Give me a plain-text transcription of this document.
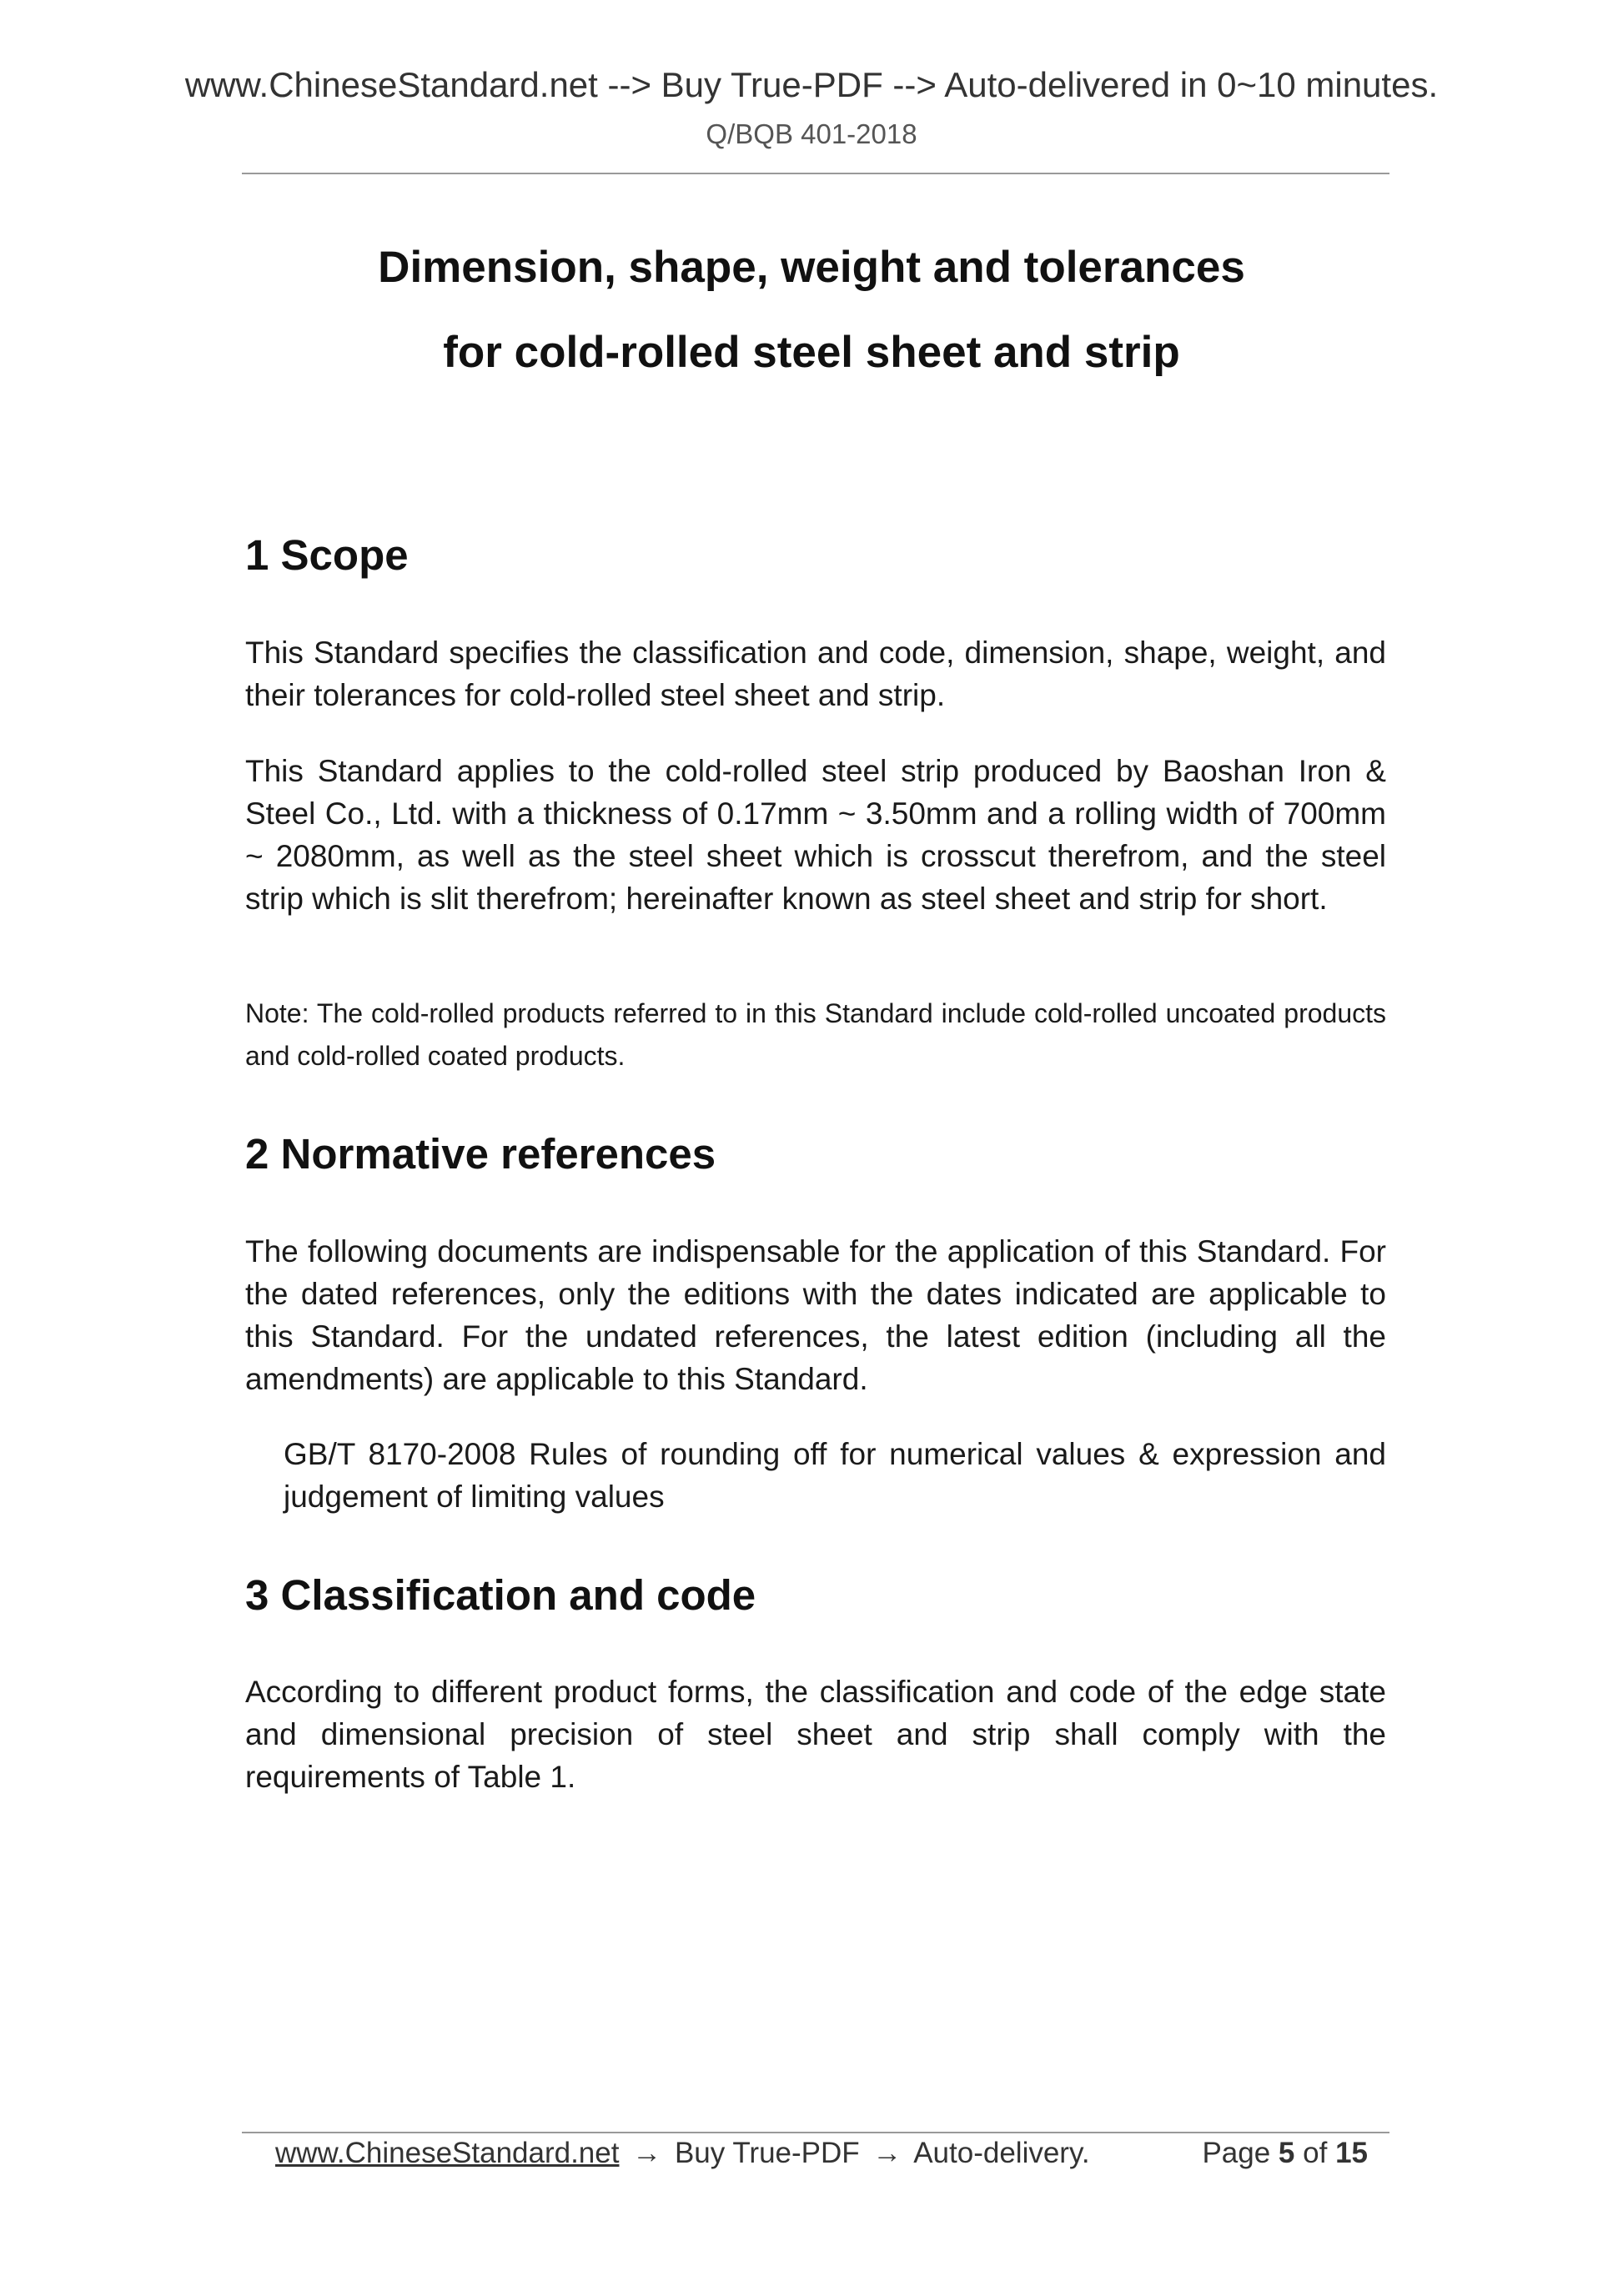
www.ChineseStandard.net --> Buy True-PDF --> Auto-delivered in 0~10 minutes.
Q/BQB 401-2018
Dimension, shape, weight and tolerances
for cold-rolled steel sheet and strip
1 Scope

This Standard specifies the classification and code, dimension, shape, weight, and their tolerances for cold-rolled steel sheet and strip.

This Standard applies to the cold-rolled steel strip produced by Baoshan Iron & Steel Co., Ltd. with a thickness of 0.17mm ~ 3.50mm and a rolling width of 700mm ~ 2080mm, as well as the steel sheet which is crosscut therefrom, and the steel strip which is slit therefrom; hereinafter known as steel sheet and strip for short.

Note: The cold-rolled products referred to in this Standard include cold-rolled uncoated products and cold-rolled coated products.

2 Normative references

The following documents are indispensable for the application of this Standard. For the dated references, only the editions with the dates indicated are applicable to this Standard. For the undated references, the latest edition (including all the amendments) are applicable to this Standard.

GB/T 8170-2008 Rules of rounding off for numerical values & expression and judgement of limiting values

3 Classification and code

According to different product forms, the classification and code of the edge state and dimensional precision of steel sheet and strip shall comply with the requirements of Table 1.

www.ChineseStandard.net → Buy True-PDF → Auto-delivery.	Page 5 of 15
